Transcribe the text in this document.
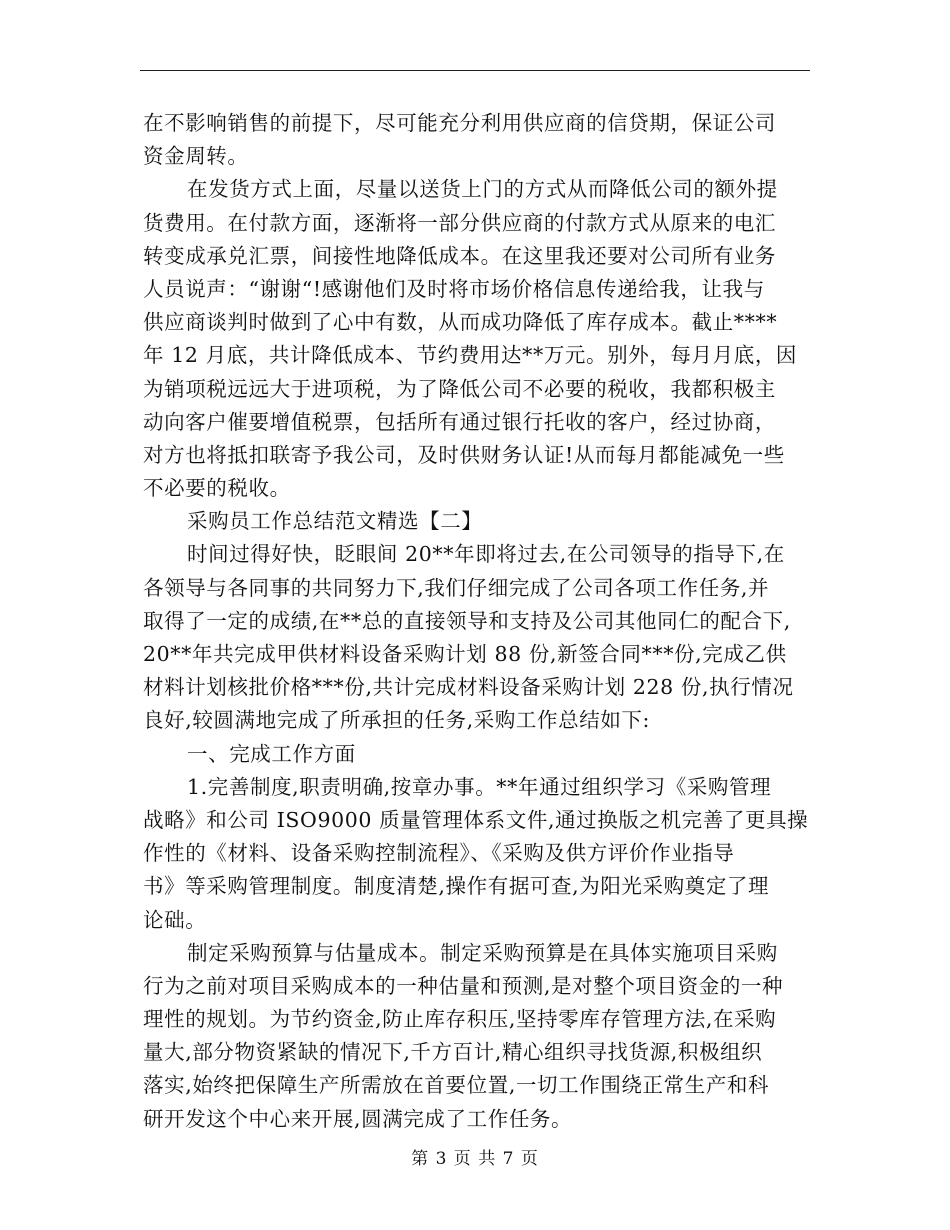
在不影响销售的前提下，尽可能充分利用供应商的信贷期，保证公司
资金周转。
在发货方式上面，尽量以送货上门的方式从而降低公司的额外提
货费用。在付款方面，逐渐将一部分供应商的付款方式从原来的电汇
转变成承兑汇票，间接性地降低成本。在这里我还要对公司所有业务
人员说声：“谢谢“!感谢他们及时将市场价格信息传递给我，让我与
供应商谈判时做到了心中有数，从而成功降低了库存成本。截止****
年 12 月底，共计降低成本、节约费用达**万元。别外，每月月底，因
为销项税远远大于进项税，为了降低公司不必要的税收，我都积极主
动向客户催要增值税票，包括所有通过银行托收的客户，经过协商，
对方也将抵扣联寄予我公司，及时供财务认证!从而每月都能减免一些
不必要的税收。
采购员工作总结范文精选【二】
时间过得好快，眨眼间 20**年即将过去,在公司领导的指导下,在
各领导与各同事的共同努力下,我们仔细完成了公司各项工作任务,并
取得了一定的成绩,在**总的直接领导和支持及公司其他同仁的配合下,
20**年共完成甲供材料设备采购计划 88 份,新签合同***份,完成乙供
材料计划核批价格***份,共计完成材料设备采购计划 228 份,执行情况
良好,较圆满地完成了所承担的任务,采购工作总结如下:
一、完成工作方面
1.完善制度,职责明确,按章办事。**年通过组织学习《采购管理
战略》和公司 ISO9000 质量管理体系文件,通过换版之机完善了更具操
作性的《材料、设备采购控制流程》、《采购及供方评价作业指导
书》等采购管理制度。制度清楚,操作有据可查,为阳光采购奠定了理
论础。
制定采购预算与估量成本。制定采购预算是在具体实施项目采购
行为之前对项目采购成本的一种估量和预测,是对整个项目资金的一种
理性的规划。为节约资金,防止库存积压,坚持零库存管理方法,在采购
量大,部分物资紧缺的情况下,千方百计,精心组织寻找货源,积极组织
落实,始终把保障生产所需放在首要位置,一切工作围绕正常生产和科
研开发这个中心来开展,圆满完成了工作任务。
第 3 页 共 7 页
